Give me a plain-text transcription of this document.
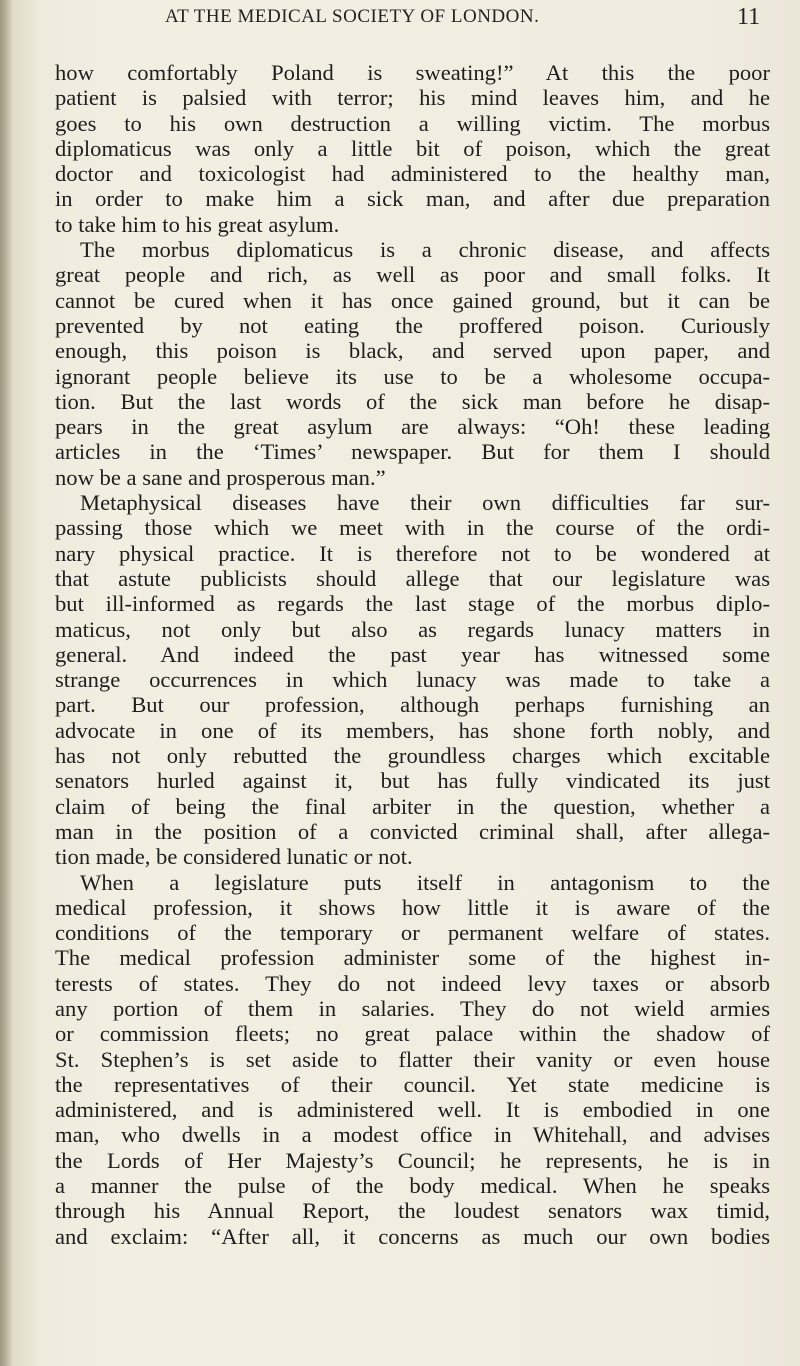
AT THE MEDICAL SOCIETY OF LONDON.	11
how comfortably Poland is sweating!” At this the poor
patient is palsied with terror; his mind leaves him, and he
goes to his own destruction a willing victim. The morbus
diplomaticus was only a little bit of poison, which the great
doctor and toxicologist had administered to the healthy man,
in order to make him a sick man, and after due preparation
to take him to his great asylum.
The morbus diplomaticus is a chronic disease, and affects
great people and rich, as well as poor and small folks. It
cannot be cured when it has once gained ground, but it can be
prevented by not eating the proffered poison. Curiously
enough, this poison is black, and served upon paper, and
ignorant people believe its use to be a wholesome occupa-
tion. But the last words of the sick man before he disap-
pears in the great asylum are always: “Oh! these leading
articles in the ‘Times’ newspaper. But for them I should
now be a sane and prosperous man.”
Metaphysical diseases have their own difficulties far sur-
passing those which we meet with in the course of the ordi-
nary physical practice. It is therefore not to be wondered at
that astute publicists should allege that our legislature was
but ill-informed as regards the last stage of the morbus diplo-
maticus, not only but also as regards lunacy matters in
general. And indeed the past year has witnessed some
strange occurrences in which lunacy was made to take a
part. But our profession, although perhaps furnishing an
advocate in one of its members, has shone forth nobly, and
has not only rebutted the groundless charges which excitable
senators hurled against it, but has fully vindicated its just
claim of being the final arbiter in the question, whether a
man in the position of a convicted criminal shall, after allega-
tion made, be considered lunatic or not.
When a legislature puts itself in antagonism to the
medical profession, it shows how little it is aware of the
conditions of the temporary or permanent welfare of states.
The medical profession administer some of the highest in-
terests of states. They do not indeed levy taxes or absorb
any portion of them in salaries. They do not wield armies
or commission fleets; no great palace within the shadow of
St. Stephen’s is set aside to flatter their vanity or even house
the representatives of their council. Yet state medicine is
administered, and is administered well. It is embodied in one
man, who dwells in a modest office in Whitehall, and advises
the Lords of Her Majesty’s Council; he represents, he is in
a manner the pulse of the body medical. When he speaks
through his Annual Report, the loudest senators wax timid,
and exclaim: “After all, it concerns as much our own bodies
